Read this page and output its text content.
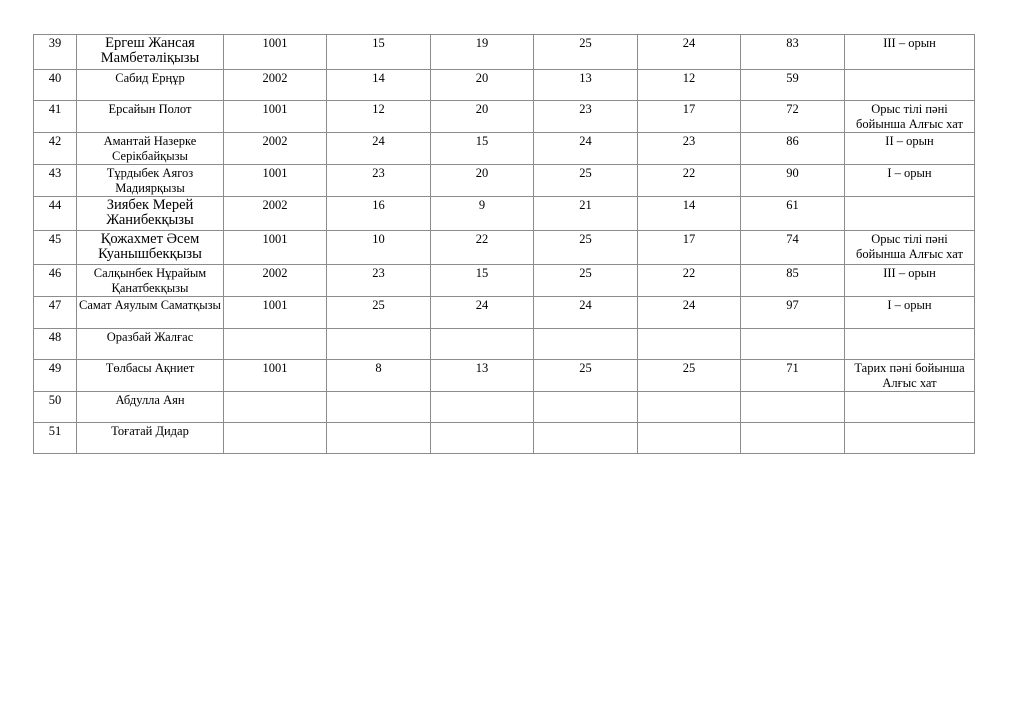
39	Ергеш Жансая Мамбетәліқызы	1001	15	19	25	24	83	ІІІ – орын
40	Сабид Ерңұр	2002	14	20	13	12	59	
41	Ерсайын Полот	1001	12	20	23	17	72	Орыс тілі пәні бойынша Алғыс хат
42	Амантай Назерке Серікбайқызы	2002	24	15	24	23	86	ІІ – орын
43	Тұрдыбек Аягоз Мадиярқызы	1001	23	20	25	22	90	І – орын
44	Зиябек Мерей Жанибекқызы	2002	16	9	21	14	61	
45	Қожахмет Әсем Куанышбекқызы	1001	10	22	25	17	74	Орыс тілі пәні бойынша Алғыс хат
46	Салқынбек Нұрайым Қанатбекқызы	2002	23	15	25	22	85	ІІІ – орын
47	Самат Аяулым Саматқызы	1001	25	24	24	24	97	І – орын
48	Оразбай Жалғас							
49	Төлбасы Ақниет	1001	8	13	25	25	71	Тарих пәні бойынша Алғыс хат
50	Абдулла Аян							
51	Тоғатай Дидар							
